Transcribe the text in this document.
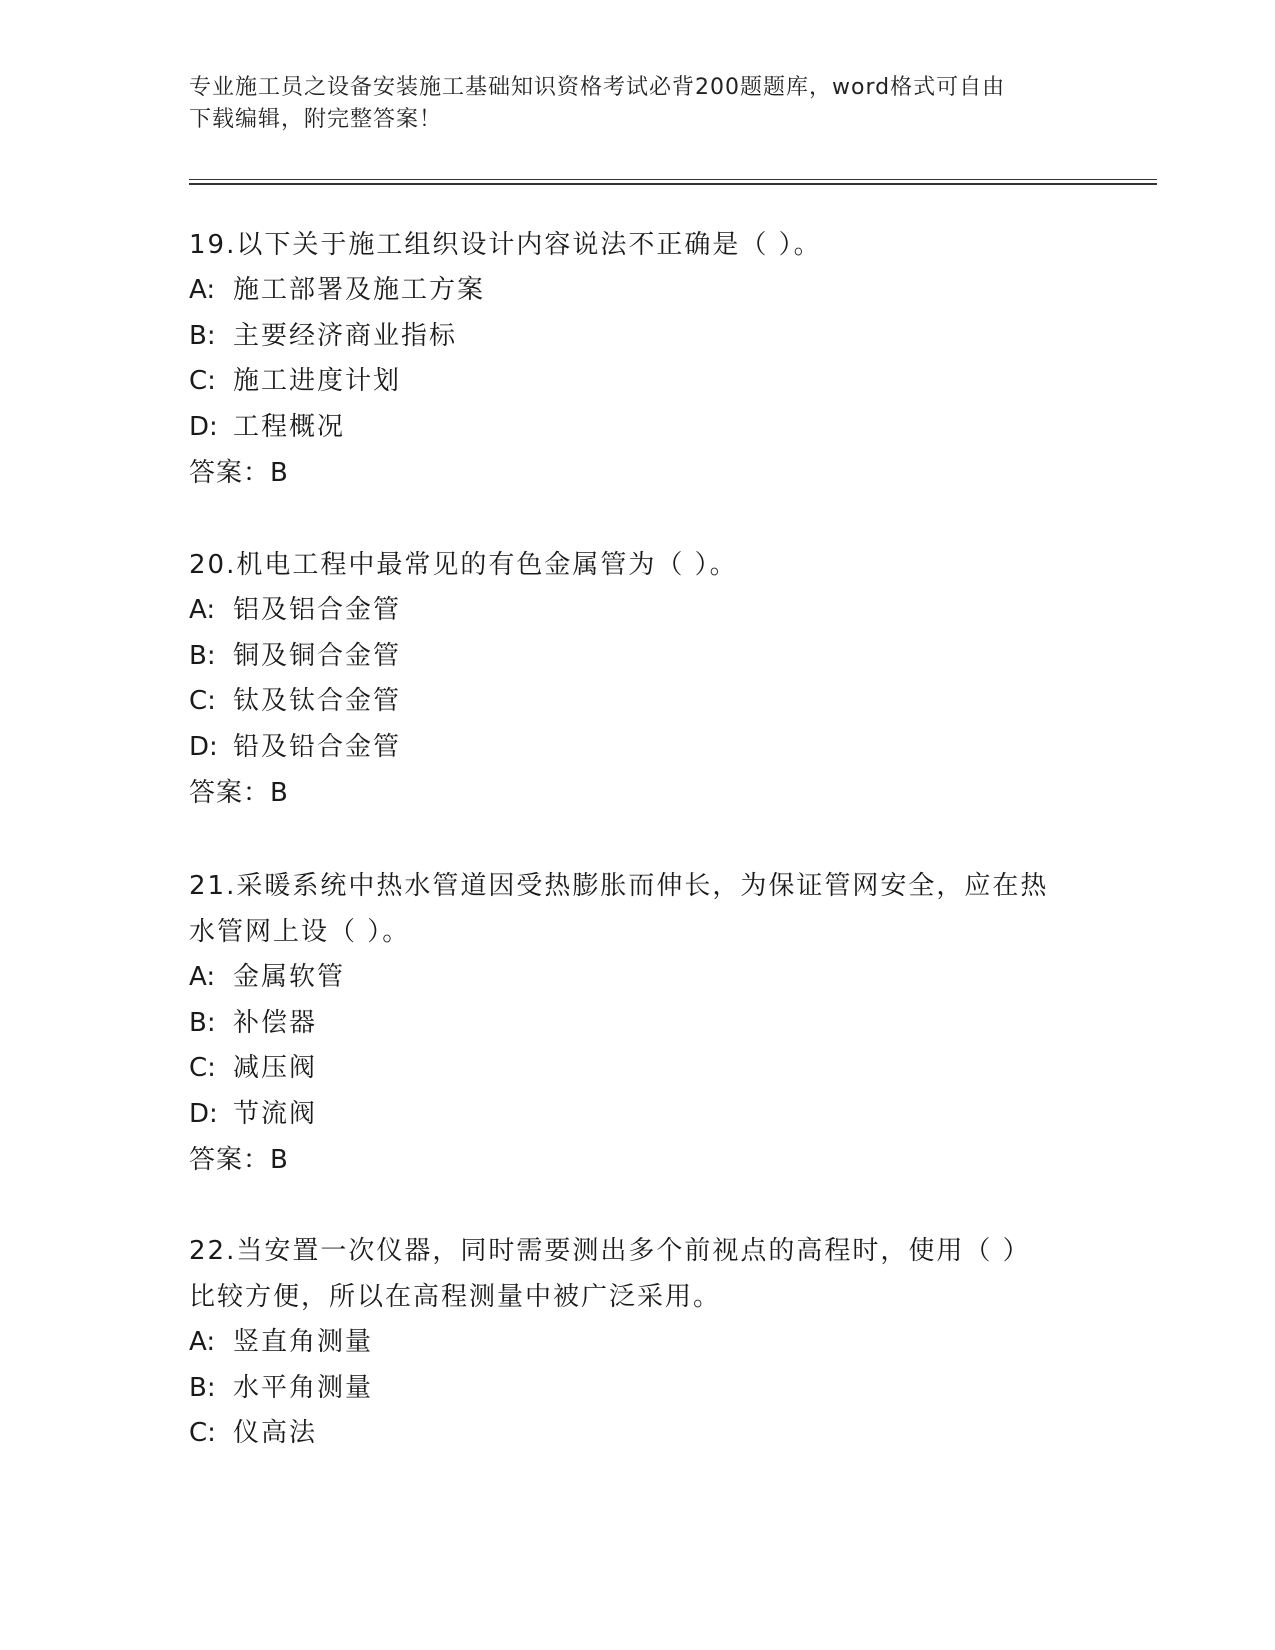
专业施工员之设备安装施工基础知识资格考试必背200题题库，word格式可自由
下载编辑，附完整答案！

19.以下关于施工组织设计内容说法不正确是（ ）。

A: 施工部署及施工方案

B: 主要经济商业指标

C: 施工进度计划

D: 工程概况

答案：B

20.机电工程中最常见的有色金属管为（ ）。

A: 铝及铝合金管

B: 铜及铜合金管

C: 钛及钛合金管

D: 铅及铅合金管

答案：B

21.采暖系统中热水管道因受热膨胀而伸长，为保证管网安全，应在热

水管网上设（ ）。

A: 金属软管

B: 补偿器

C: 减压阀

D: 节流阀

答案：B

22.当安置一次仪器，同时需要测出多个前视点的高程时，使用（ ）

比较方便，所以在高程测量中被广泛采用。

A: 竖直角测量

B: 水平角测量

C: 仪高法
